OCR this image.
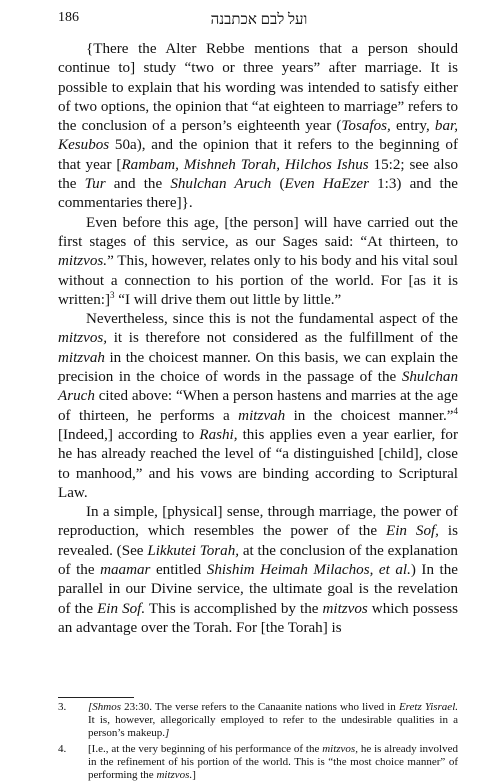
186	ועל לבם אכתבנה

{There the Alter Rebbe mentions that a person should continue to] study “two or three years” after marriage. It is possible to explain that his wording was intended to satisfy either of two options, the opinion that “at eighteen to marriage” refers to the conclusion of a person’s eighteenth year (Tosafos, entry, bar, Kesubos 50a), and the opinion that it refers to the beginning of that year [Rambam, Mishneh Torah, Hilchos Ishus 15:2; see also the Tur and the Shulchan Aruch (Even HaEzer 1:3) and the commentaries there]}.

Even before this age, [the person] will have carried out the first stages of this service, as our Sages said: “At thirteen, to mitzvos.” This, however, relates only to his body and his vital soul without a connection to his portion of the world. For [as it is written:]$^3$ “I will drive them out little by little.”

Nevertheless, since this is not the fundamental aspect of the mitzvos, it is therefore not considered as the fulfillment of the mitzvah in the choicest manner. On this basis, we can explain the precision in the choice of words in the passage of the Shulchan Aruch cited above: “When a person hastens and marries at the age of thirteen, he performs a mitzvah in the choicest manner.”$^4$ [Indeed,] according to Rashi, this applies even a year earlier, for he has already reached the level of “a distinguished [child], close to manhood,” and his vows are binding according to Scriptural Law.

In a simple, [physical] sense, through marriage, the power of reproduction, which resembles the power of the Ein Sof, is revealed. (See Likkutei Torah, at the conclusion of the explanation of the maamar entitled Shishim Heimah Milachos, et al.) In the parallel in our Divine service, the ultimate goal is the revelation of the Ein Sof. This is accomplished by the mitzvos which possess an advantage over the Torah. For [the Torah] is

3.	[Shmos 23:30. The verse refers to the Canaanite nations who lived in Eretz Yisrael. It is, however, allegorically employed to refer to the undesirable qualities in a person’s makeup.]
4.	[I.e., at the very beginning of his performance of the mitzvos, he is already involved in the refinement of his portion of the world. This is “the most choice manner” of performing the mitzvos.]
